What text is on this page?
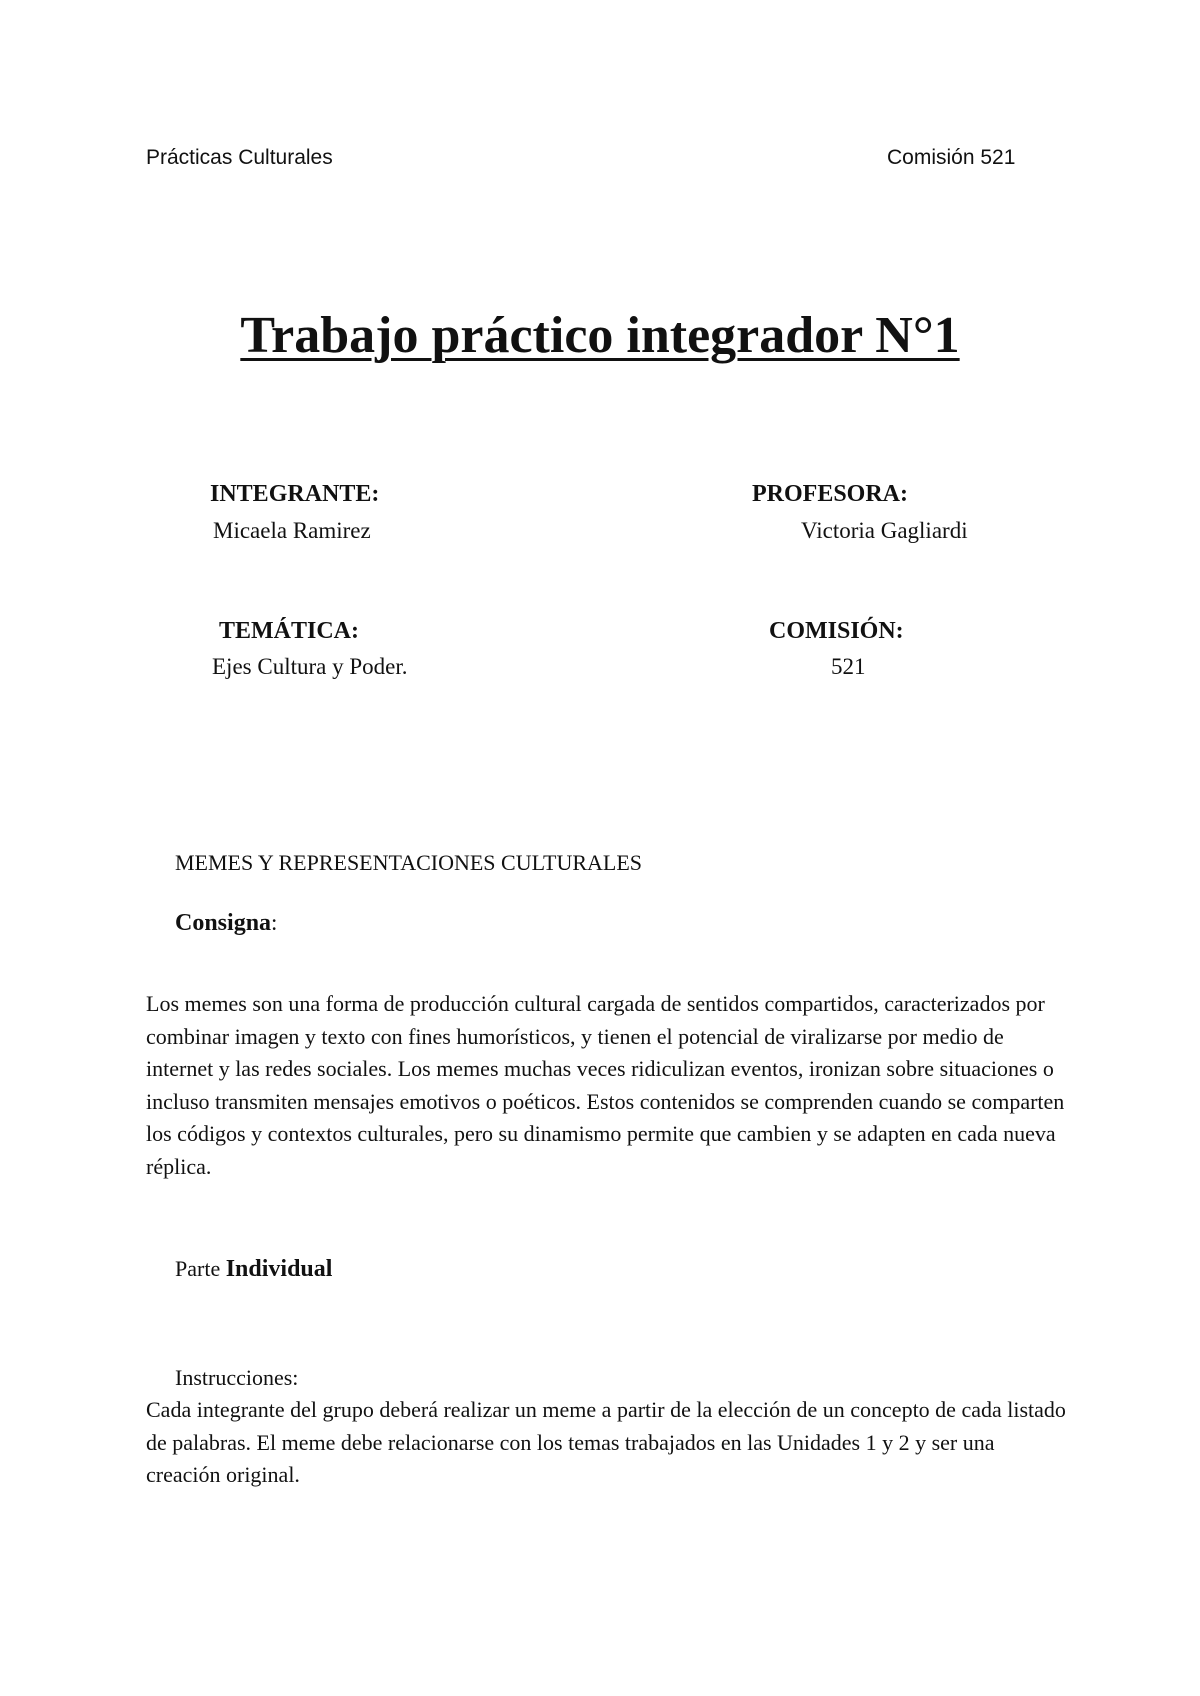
Prácticas Culturales	Comisión 521
Trabajo práctico integrador N°1
INTEGRANTE:
Micaela Ramirez
PROFESORA:
Victoria Gagliardi
TEMÁTICA:
Ejes Cultura y Poder.
COMISIÓN:
521
MEMES Y REPRESENTACIONES CULTURALES
Consigna:
Los memes son una forma de producción cultural cargada de sentidos compartidos, caracterizados por combinar imagen y texto con fines humorísticos, y tienen el potencial de viralizarse por medio de internet y las redes sociales. Los memes muchas veces ridiculizan eventos, ironizan sobre situaciones o incluso transmiten mensajes emotivos o poéticos. Estos contenidos se comprenden cuando se comparten los códigos y contextos culturales, pero su dinamismo permite que cambien y se adapten en cada nueva réplica.
Parte Individual
Instrucciones:
Cada integrante del grupo deberá realizar un meme a partir de la elección de un concepto de cada listado de palabras. El meme debe relacionarse con los temas trabajados en las Unidades 1 y 2 y ser una creación original.
